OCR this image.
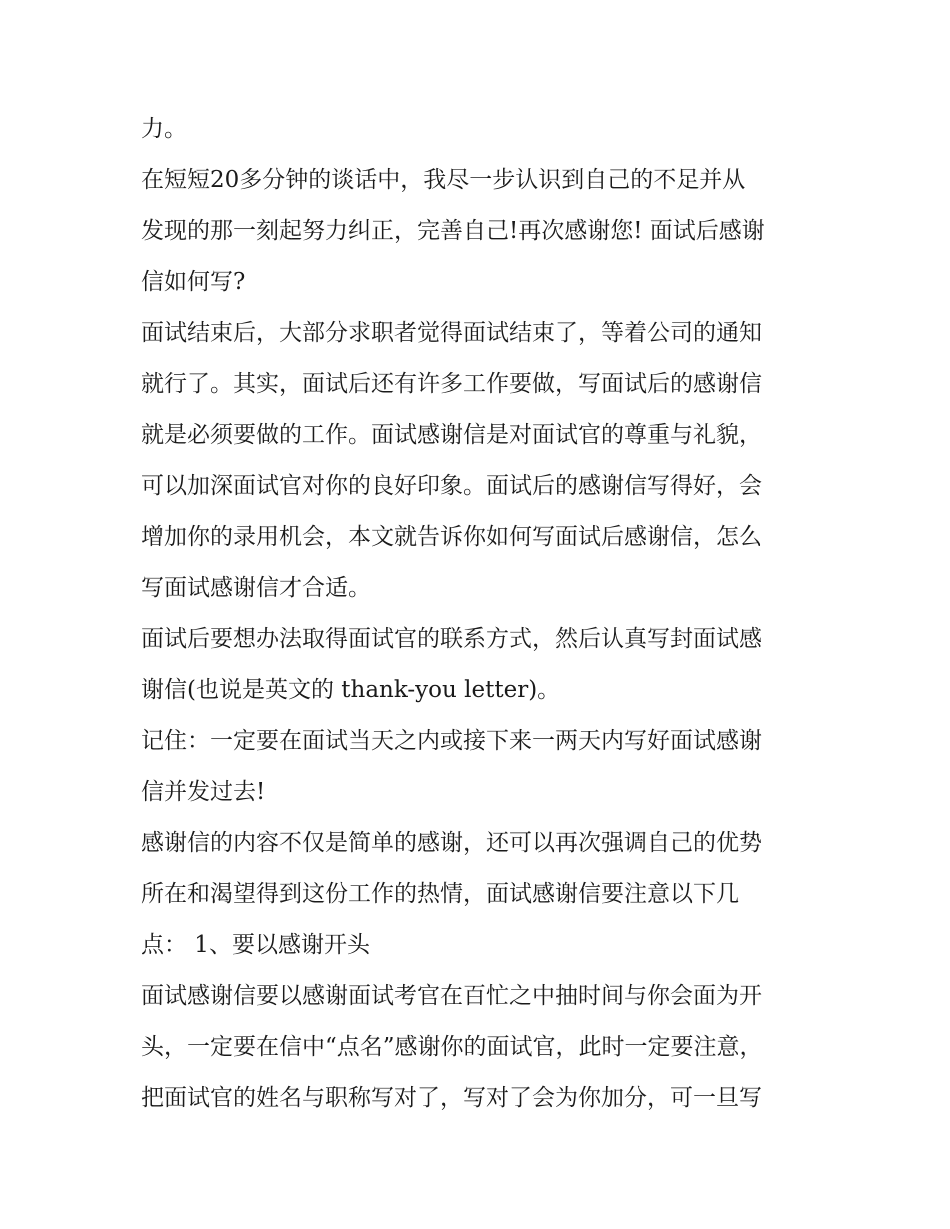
力。
在短短20多分钟的谈话中，我尽一步认识到自己的不足并从
发现的那一刻起努力纠正，完善自己!再次感谢您! 面试后感谢
信如何写?
面试结束后，大部分求职者觉得面试结束了，等着公司的通知
就行了。其实，面试后还有许多工作要做，写面试后的感谢信
就是必须要做的工作。面试感谢信是对面试官的尊重与礼貌，
可以加深面试官对你的良好印象。面试后的感谢信写得好，会
增加你的录用机会，本文就告诉你如何写面试后感谢信，怎么
写面试感谢信才合适。
面试后要想办法取得面试官的联系方式，然后认真写封面试感
谢信(也说是英文的 thank-you letter)。
记住：一定要在面试当天之内或接下来一两天内写好面试感谢
信并发过去!
感谢信的内容不仅是简单的感谢，还可以再次强调自己的优势
所在和渴望得到这份工作的热情，面试感谢信要注意以下几
点： 1、要以感谢开头
面试感谢信要以感谢面试考官在百忙之中抽时间与你会面为开
头，一定要在信中“点名”感谢你的面试官，此时一定要注意，
把面试官的姓名与职称写对了，写对了会为你加分，可一旦写
